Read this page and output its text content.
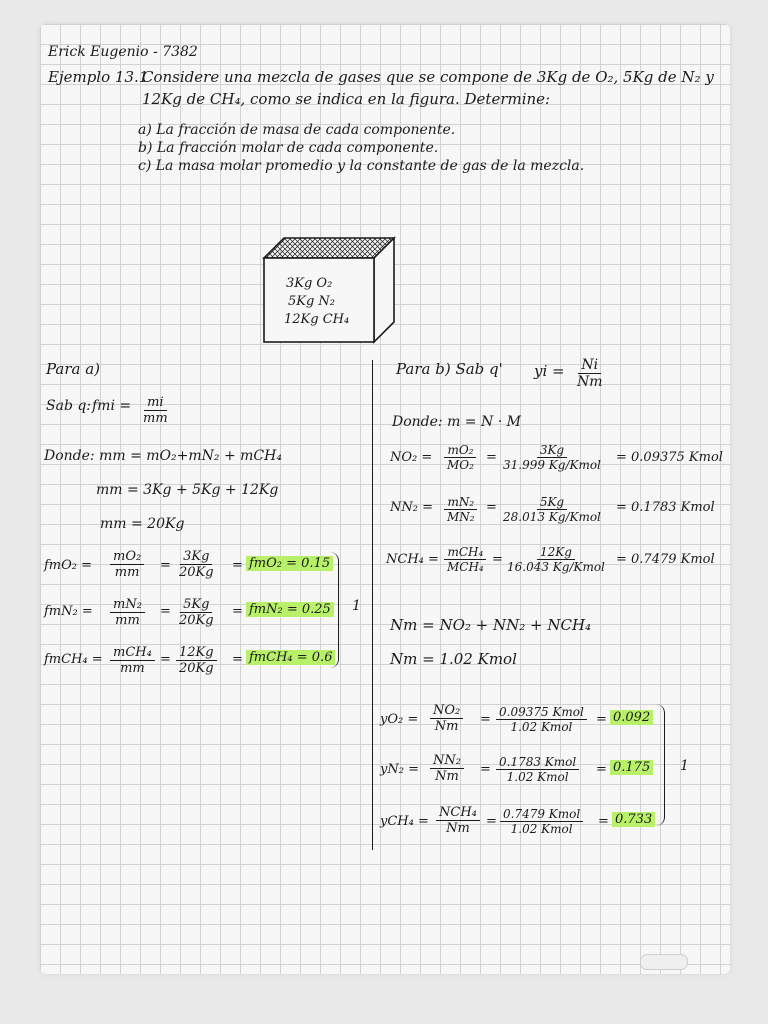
Erick Eugenio - 7382
Ejemplo 13.1
Considere una mezcla de gases que se compone de 3Kg de O₂, 5Kg de N₂ y
12Kg de CH₄, como se indica en la figura. Determine:
a) La fracción de masa de cada componente.
b) La fracción molar de cada componente.
c) La masa molar promedio y la constante de gas de la mezcla.
3Kg O₂
5Kg N₂
12Kg CH₄
Para a)
Sab q: fmi = $\frac{mi}{mm}$
Donde: mm = mO₂+mN₂ + mCH₄
mm = 3Kg + 5Kg + 12Kg
mm = 20Kg
$fmO_2 = \frac{\text{mO₂}}{mm} = \frac{3Kg}{20Kg} = fmO_2 = 0.15$
$fmN_2 = \frac{\text{mN₂}}{mm} = \frac{5Kg}{20Kg} = fmN_2 = 0.25$
fmCH₄ = mCH₄
mm
= $\frac{12Kg}{20Kg}$ = fmCH₄ = 0.6
1
Para b) Sab q' yi = $\frac{Ni}{Nm}$
Donde: m = N · M
$NO_2 = \frac{\text{mO₂}}{\text{MO₂}}$ =	3Kg
31.999 Kg/Kmol
= 0.09375 Kmol
$NN_2 = \frac{\text{mN₂}}{\text{MN₂}}$ =	5Kg
28.013 Kg/Kmol
= 0.1783 Kmol
NCH₄ = mCH₄
MCH₄
=	12Kg
16.043 Kg/Kmol
= 0.7479 Kmol
Nm = NO₂ + NN₂ + NCH₄
Nm = 1.02 Kmol
$yO_2 = \frac{\text{NO₂}}{Nm} = 0.09375$ Kmol
1.02 Kmol
= 0.092
$yN_2 = \frac{\text{NN₂}}{Nm} = 0.1783$ Kmol
1.02 Kmol
= 0.175
yCH₄ =
NCH₄
Nm = 0.7479 Kmol
1.02 Kmol
= 0.733
1
